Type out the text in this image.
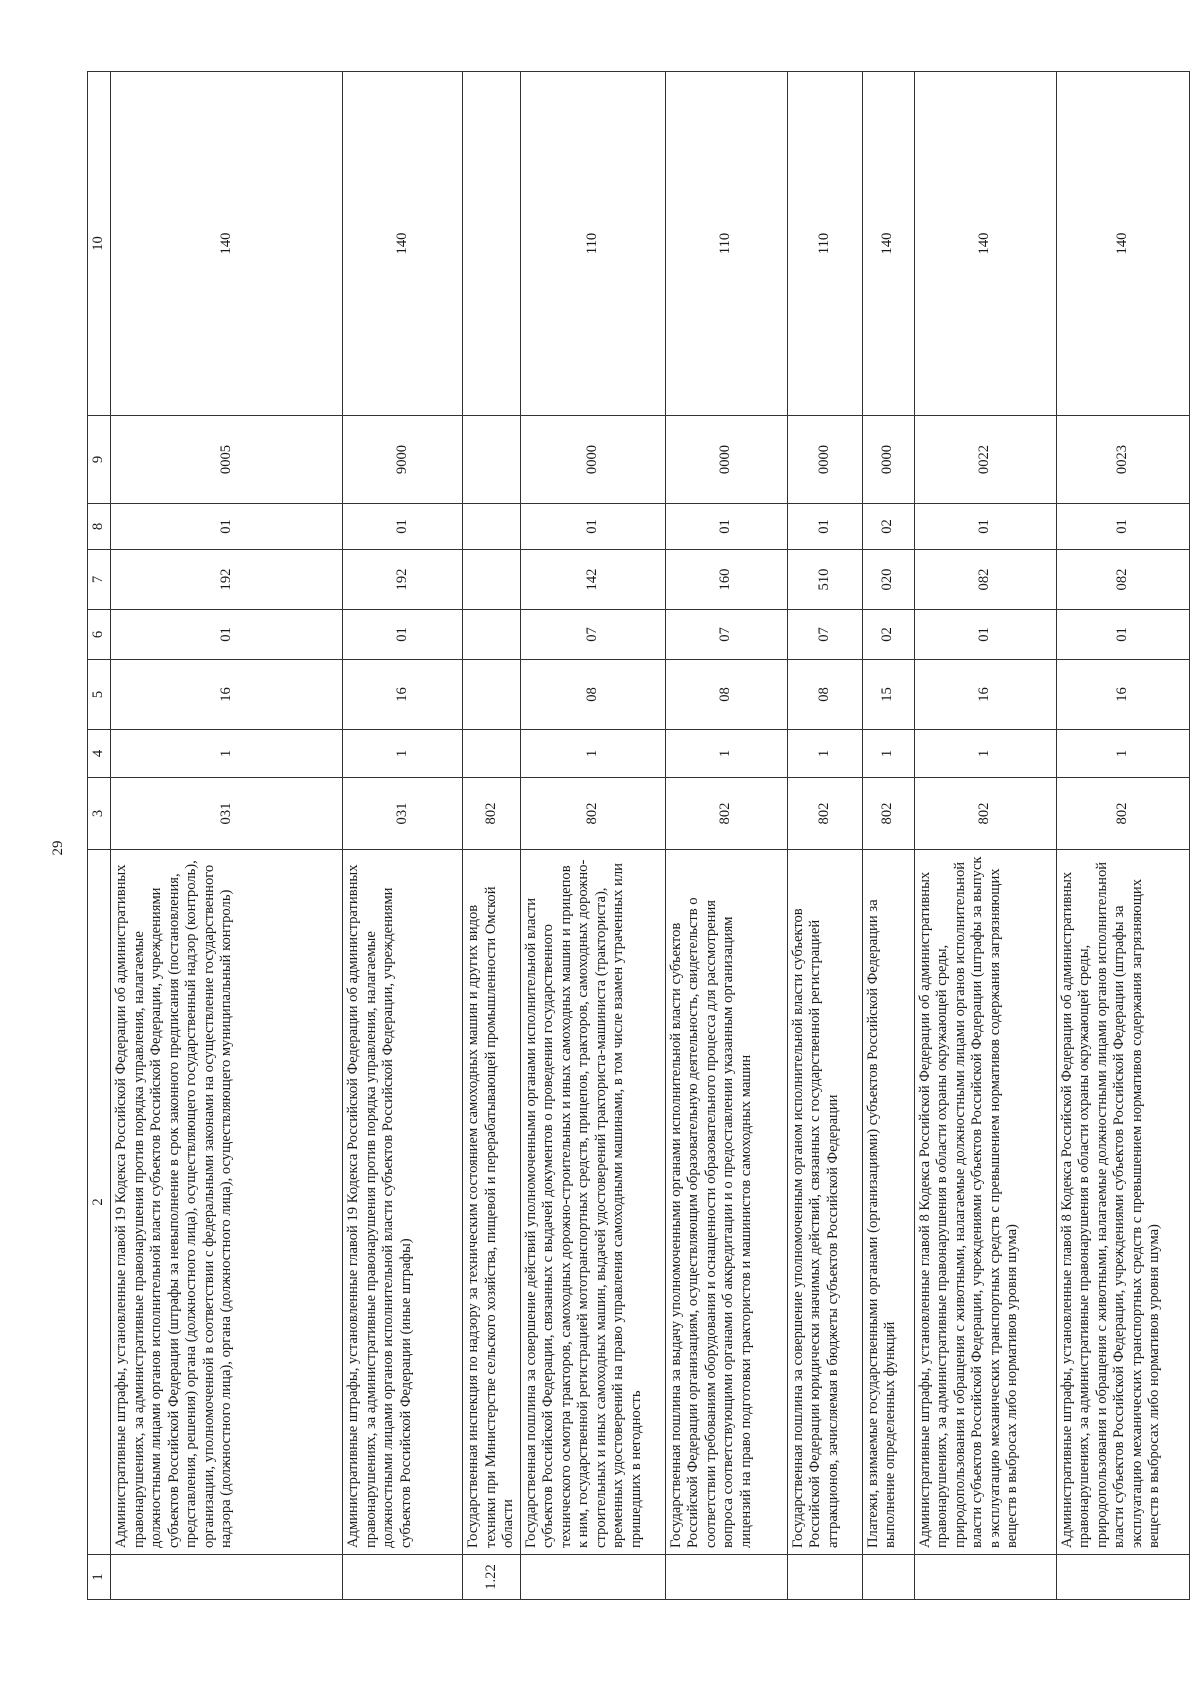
29
1	2	3	4	5	6	7	8	9	10
	Административные штрафы, установленные главой 19 Кодекса Российской Федерации об административных правонарушениях, за административные правонарушения против порядка управления, налагаемые должностными лицами органов исполнительной власти субъектов Российской Федерации, учреждениями субъектов Российской Федерации (штрафы за невыполнение в срок законного предписания (постановления, представления, решения) органа (должностного лица), осуществляющего государственный надзор (контроль), организации, уполномоченной в соответствии с федеральными законами на осуществление государственного надзора (должностного лица), органа (должностного лица), осуществляющего муниципальный контроль)	031	1	16	01	192	01	0005	140
	Административные штрафы, установленные главой 19 Кодекса Российской Федерации об административных правонарушениях, за административные правонарушения против порядка управления, налагаемые должностными лицами органов исполнительной власти субъектов Российской Федерации, учреждениями субъектов Российской Федерации (иные штрафы)	031	1	16	01	192	01	9000	140
1.22	Государственная инспекция по надзору за техническим состоянием самоходных машин и других видов техники при Министерстве сельского хозяйства, пищевой и перерабатывающей промышленности Омской области	802							
	Государственная пошлина за совершение действий уполномоченными органами исполнительной власти субъектов Российской Федерации, связанных с выдачей документов о проведении государственного технического осмотра тракторов, самоходных дорожно-строительных и иных самоходных машин и прицепов к ним, государственной регистрацией мототранспортных средств, прицепов, тракторов, самоходных дорожно-строительных и иных самоходных машин, выдачей удостоверений тракториста-машиниста (тракториста), временных удостоверений на право управления самоходными машинами, в том числе взамен утраченных или пришедших в негодность	802	1	08	07	142	01	0000	110
	Государственная пошлина за выдачу уполномоченными органами исполнительной власти субъектов Российской Федерации организациям, осуществляющим образовательную деятельность, свидетельств о соответствии требованиям оборудования и оснащенности образовательного процесса для рассмотрения вопроса соответствующими органами об аккредитации и о предоставлении указанным организациям лицензий на право подготовки трактористов и машинистов самоходных машин	802	1	08	07	160	01	0000	110
	Государственная пошлина за совершение уполномоченным органом исполнительной власти субъектов Российской Федерации юридически значимых действий, связанных с государственной регистрацией аттракционов, зачисляемая в бюджеты субъектов Российской Федерации	802	1	08	07	510	01	0000	110
	Платежи, взимаемые государственными органами (организациями) субъектов Российской Федерации за выполнение определенных функций	802	1	15	02	020	02	0000	140
	Административные штрафы, установленные главой 8 Кодекса Российской Федерации об административных правонарушениях, за административные правонарушения в области охраны окружающей среды, природопользования и обращения с животными, налагаемые должностными лицами органов исполнительной власти субъектов Российской Федерации, учреждениями субъектов Российской Федерации (штрафы за выпуск в эксплуатацию механических транспортных средств с превышением нормативов содержания загрязняющих веществ в выбросах либо нормативов уровня шума)	802	1	16	01	082	01	0022	140
	Административные штрафы, установленные главой 8 Кодекса Российской Федерации об административных правонарушениях, за административные правонарушения в области охраны окружающей среды, природопользования и обращения с животными, налагаемые должностными лицами органов исполнительной власти субъектов Российской Федерации, учреждениями субъектов Российской Федерации (штрафы за эксплуатацию механических транспортных средств с превышением нормативов содержания загрязняющих веществ в выбросах либо нормативов уровня шума)	802	1	16	01	082	01	0023	140
